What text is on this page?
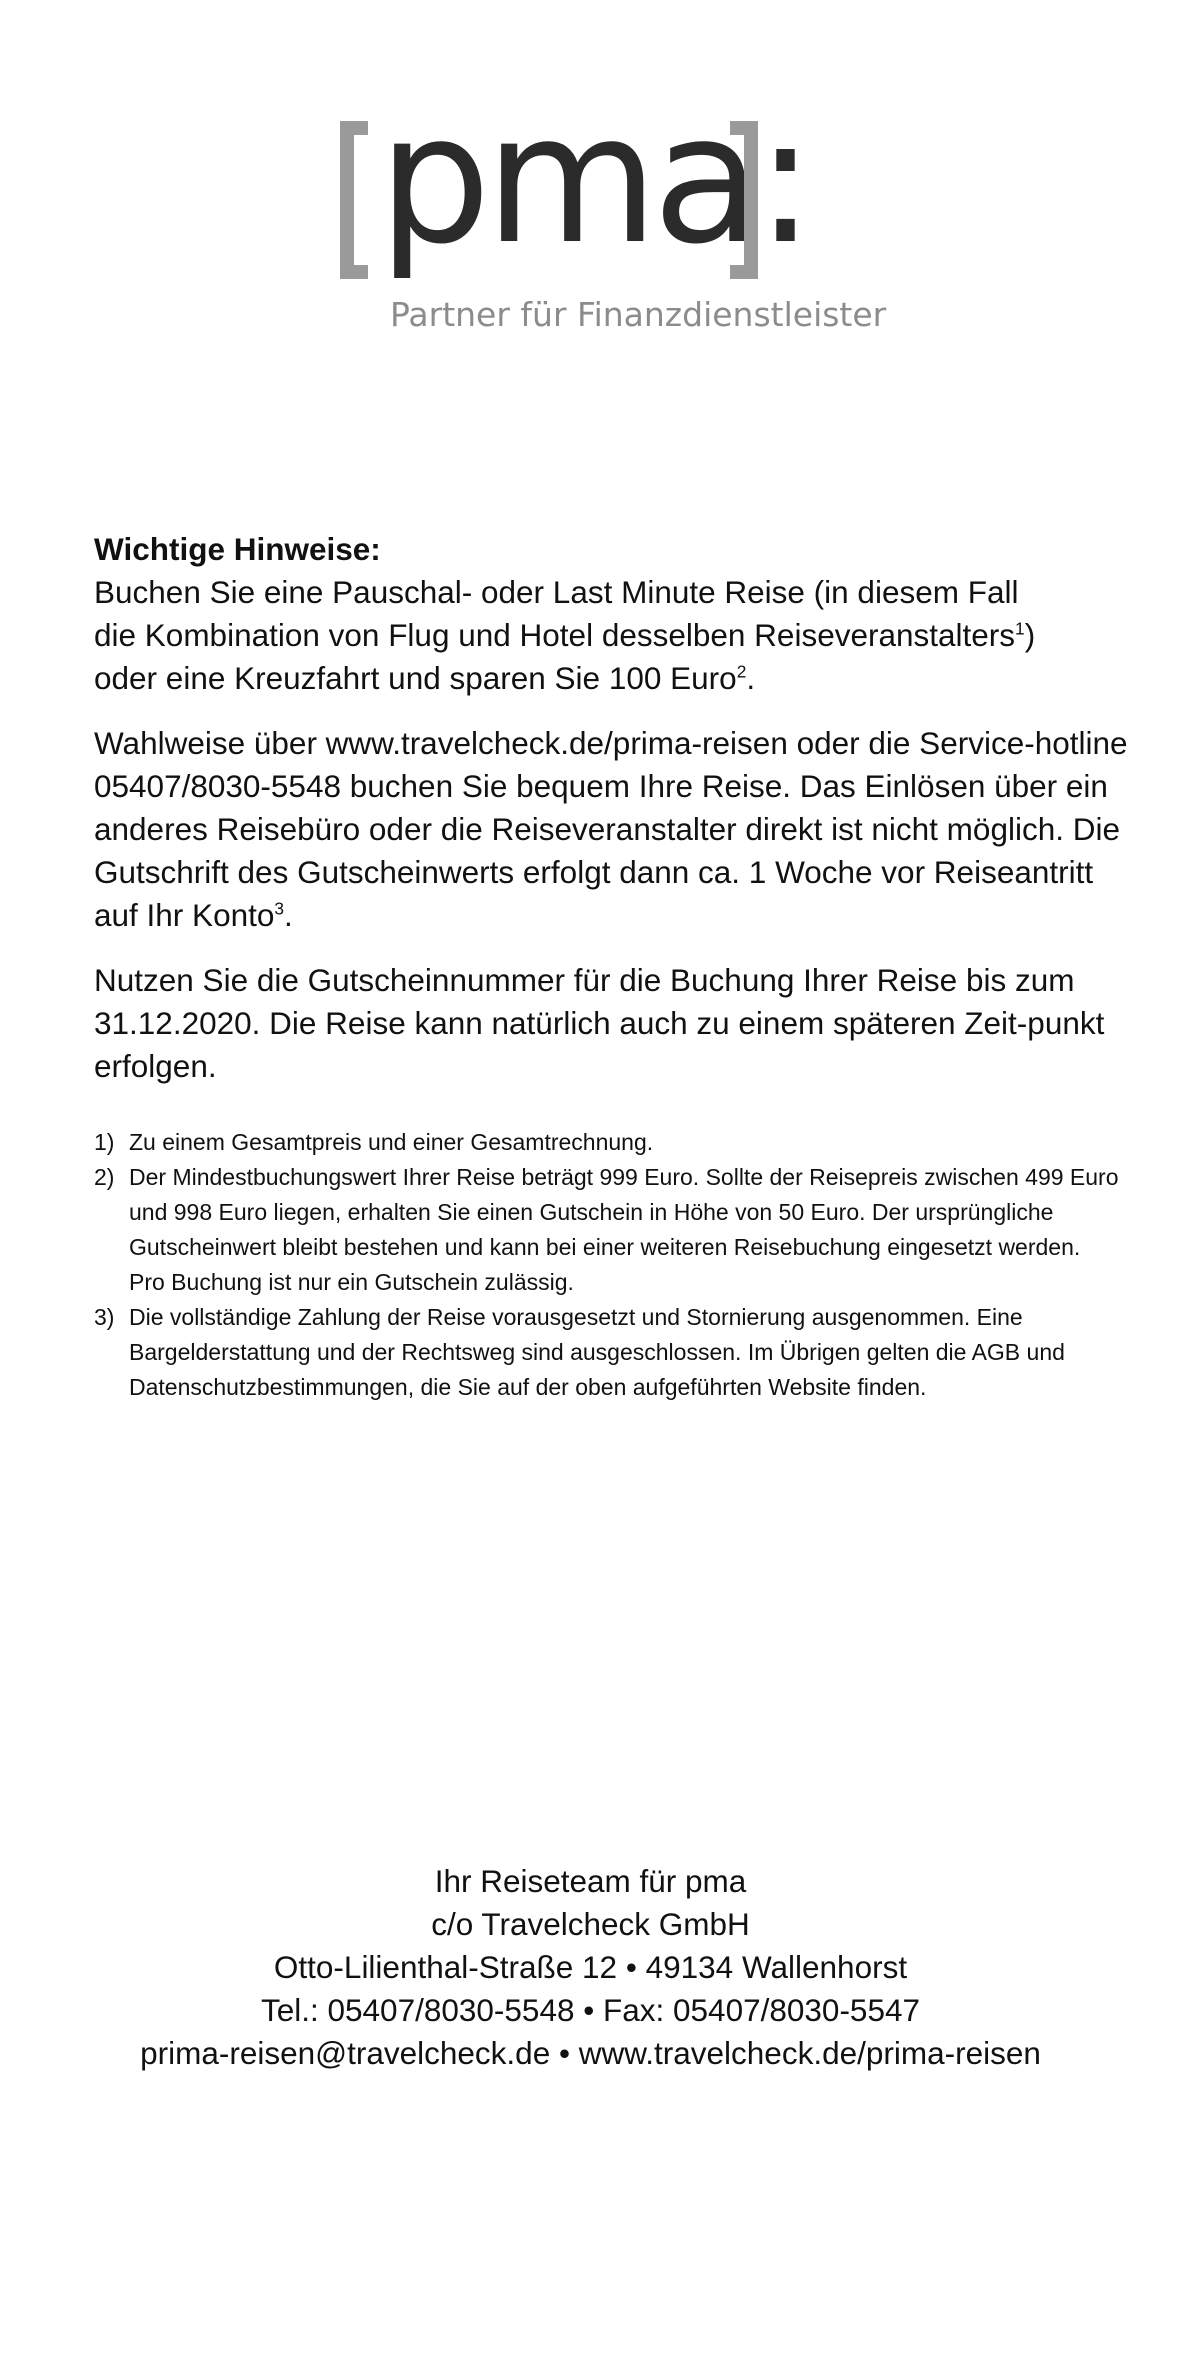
pma:
Partner für Finanzdienstleister

Wichtige Hinweise:
Buchen Sie eine Pauschal- oder Last Minute Reise (in diesem Fall
die Kombination von Flug und Hotel desselben Reiseveranstalters$^1$)
oder eine Kreuzfahrt und sparen Sie 100 Euro$^2$.

Wahlweise über www.travelcheck.de/prima-reisen oder die Service-hotline 05407/8030-5548 buchen Sie bequem Ihre Reise. Das Einlösen über ein anderes Reisebüro oder die Reiseveranstalter direkt ist nicht möglich. Die Gutschrift des Gutscheinwerts erfolgt dann ca. 1 Woche vor Reiseantritt auf Ihr Konto$^3$.

Nutzen Sie die Gutscheinnummer für die Buchung Ihrer Reise bis zum 31.12.2020. Die Reise kann natürlich auch zu einem späteren Zeit-punkt erfolgen.

1) Zu einem Gesamtpreis und einer Gesamtrechnung.
2) Der Mindestbuchungswert Ihrer Reise beträgt 999 Euro. Sollte der Reisepreis zwischen 499 Euro und 998 Euro liegen, erhalten Sie einen Gutschein in Höhe von 50 Euro. Der ursprüngliche Gutscheinwert bleibt bestehen und kann bei einer weiteren Reisebuchung eingesetzt werden.
Pro Buchung ist nur ein Gutschein zulässig.
3) Die vollständige Zahlung der Reise vorausgesetzt und Stornierung ausgenommen. Eine Bargelderstattung und der Rechtsweg sind ausgeschlossen. Im Übrigen gelten die AGB und Datenschutzbestimmungen, die Sie auf der oben aufgeführten Website finden.
Ihr Reiseteam für pma
c/o Travelcheck GmbH
Otto-Lilienthal-Straße 12 • 49134 Wallenhorst
Tel.: 05407/8030-5548 • Fax: 05407/8030-5547
prima-reisen@travelcheck.de • www.travelcheck.de/prima-reisen
